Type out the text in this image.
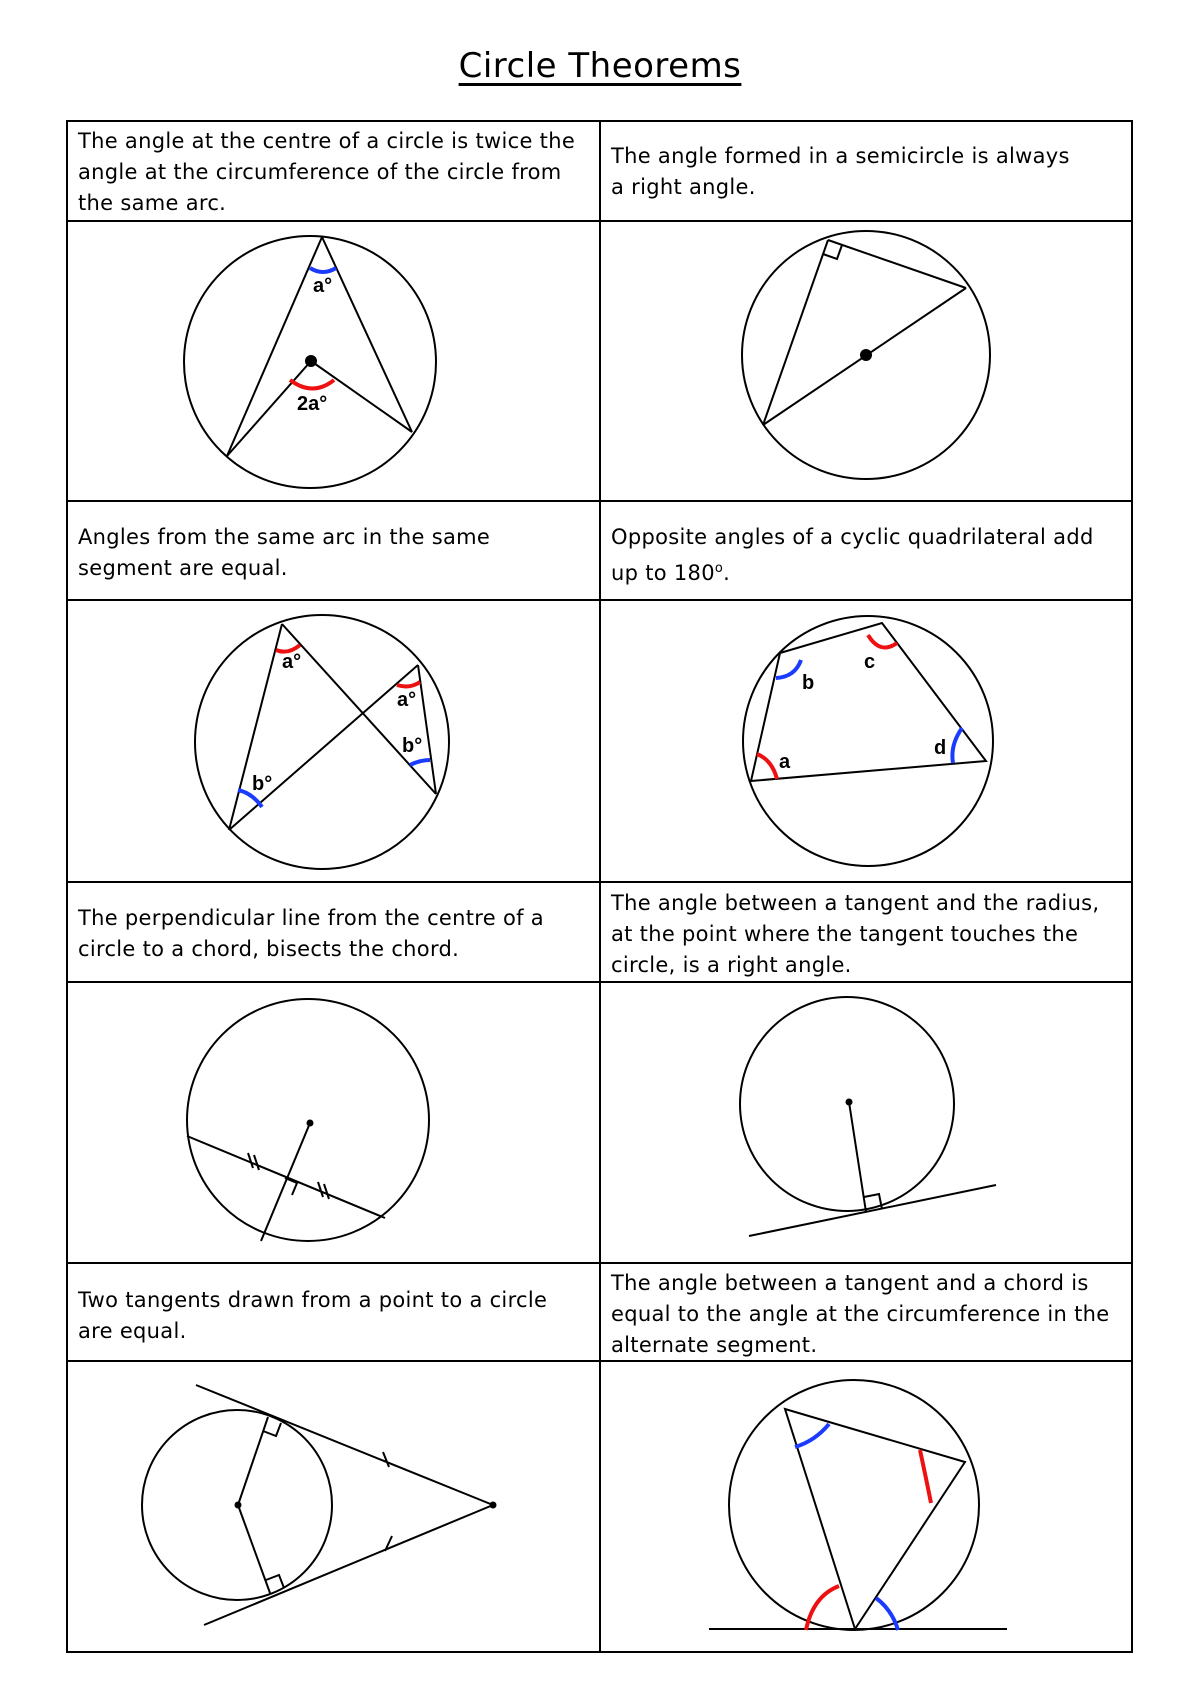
Circle Theorems
The angle at the centre of a circle is twice the angle at the circumference of the circle from the same arc.
The angle formed in a semicircle is always a right angle.
Angles from the same arc in the same segment are equal.
Opposite angles of a cyclic quadrilateral add up to 180$^o$.
The perpendicular line from the centre of a circle to a chord, bisects the chord.
The angle between a tangent and the radius, at the point where the tangent touches the circle, is a right angle.
Two tangents drawn from a point to a circle are equal.
The angle between a tangent and a chord is equal to the angle at the circumference in the alternate segment.
a°
2a°
a°
a°
b°
b°
b
c
d
a
